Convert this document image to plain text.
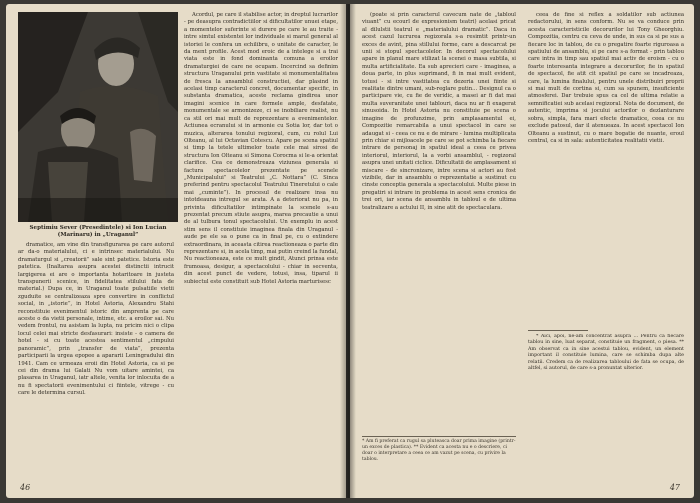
Septimiu Sever (Presedintele) si Ion Lucian (Marinaru) in „Uraganul”

dramatice, am vine din transfigurarea pe care autorul ar da-o materialului, ci e intrinsec materialului. Nu dramaturgul si „creatorii” sale sint patetice. Istoria este patetica. (Inaltarea asupra acestei distinctii intrucit largigerea ei are o importanta hotaritoare in justeta transpunerii scenice, in fidelitatea stilului fata de material.) Dupa ce, in Uraganul toate pulsatiile vietii zguduite se centralizeaza spre convertire in conflictul social, in „istorie”, in Hotel Astoria, Alexandru Stahi reconstituie evenimentul istoric din amprenta pe care aceste o da vietii personale, intime, etc. a eroilor sai. Nu vedem frontul, nu asistam la lupta, nu pricim nici o clipa locul celei mai stricte desfasurari: insiste - o camera de hotel - si cu toate acestea sentimentul „cimpului panoramic”, prin „transfer de viata”, prezenta participarii la urgea epopee a apararii Leningradului din 1941. Cam ce urmeaza eroii din Hotel Astoria, ca si pe cei din drama lui Galati Nu vom uitare amintei, ca plasarea in Uraganul, iatr altele, venita lor inlocuita de a nu fi spectatorii evenimentului ci fiintele, vitrege - cu care le determina cursul.

Acordul, pe care il stabilise actor, in dreptul lucrarilor - pe deasupra contradictiilor si dificultatilor unuei etape, a momentelor suferinte si durere pe care le au traite - intre simtul existentei lor individuale si marul general al istoriei le confera un echilibru, o unitate de caracter, le da ment profile. Acest mod eroic de a intelege si a trai viata este in fond dominanta comuna a eroilor dramaturgiei de care ne ocupam. Incercind sa definim structura Uraganului prin vastitate si monumentalitatea de fresca la ansamblul constructiei, dar plasind in acelasi timp caracterul concret, documentar specific, in substanta dramatica, aceste reclama gindirea unor imagini scenice in care formele ample, desfatate, monumentale se armonizeze, ci se inobiliare realist, nu ca stil ori mai mult de reprezentare a evenimentelor. Actiunea ecranului si in armonie cu Sotia lor, dar tot o muzica, alterarea tonului regizoral, cum, cu rolul Lui Olteanu, al lui Octavian Cotescu. Apare pe scena spatiul si timp la tetele ultimelor toate cele mai sirosi de structura Ion Olteanu si Simona Corocma si le-a orientat clarifice. Cea ce demonstreaza viziunea generala si factura spectacolelor prezentate pe scenele „Municipalului” si Teatrului „C. Nottara” (C. Sinca preferind pentru spectacolul Teatrului Tineretului o cale mai „cuminte”). In procesul de realizare insa nu intotdeauna intregul se arata. A a deteriorat nu pa, in privinta dificultatilor intimpinate la scenele s-au prezentat precum stiute asupra, marea precautie a unui de al tulbura tonul spectacolului. Un exemplu in acest stim sens il constituie imaginea finala din Uraganul - aude pe ele sa o pune ca in final pe, cu o extindere extraordinara, in aceasta citirea reactioneaza o parte din reprezentare si, in acela timp, mai putin creind la fundal, Nu reactioneaza, este ce mult gindit, Atunci prinsa este frumoasa, desigur, a spectacolului - chiar in secventa, din acest punct de vedere, totusi, insa, tiparul ii subiectul este constituit sub Hotel Astoria marturisesc

46

(poate si prin caracterul cavecum nate de „tabloul viuant” cu ecourl de expresionism teatri) acelasi pricat al dilulstii teatrul e „materialului dramatic”. Daca in acest cazul lucrurea regizorala s-a resimtit printr-un exces de avint, pina stillului forme, care a descarcat pe unii si stopul spectacolelor. In decorul spectacolului apare in planul mare stilizat la scenei o masa subtila, si multa artificialitate. Ea sub aprecieri care - imaginea, a doua parte, in plus suprimand, fi in mai mult evident, totusi - si intre vastitatea cu dezeria unei fiinte si realitate dintre umani, sub-reglare putin... Designul ca o participare vie, cu fie de veridic, a masei ar fi dat mai multa suveranitate unei tablouri, daca nu ar fi exagerat sinusoida. In Hotel Astoria nu constituie pe scena o imagine de profunzime, prin amplasamentul ei, Compozitie remarcabila a unui spectacol in care se adaugat si - ceea ce nu e de mirare - lumina multiplicata prin chiar si mijloacele pe care se pot schimba la fiecare intrare de personaj in spatiul ideal a ceea ce privea interiorul, interiorul, la a vorbi ansamblul, - regizoral asupra unei unitati ciclice. Dificultatii de amplasament si miscare - de sincronizare, intre scena si actori au fost vizibile, dar in ansamblu o reprezentatie a sustinut cu cinste conceptia generala a spectacolului. Multe piese in pregatiri si intrare in problema in acest sens cronica de trei ori, iar scena de ansamblu in tabloul e de ultima teatralizare a actului II, in sine atit de spectaculara.

* Am fi preferat ca rugul sa pluteasca doar prima imagine (printr-un exces de plastica). ** Evident ca acesta nu e o descriere, ci doar o interpretare a ceea ce am vazut pe scena, cu privire la tablou.

ceea de fine si reflex a soldatilor sub actiunea redactorului, in sens conform. Nu se va conduce prin acesta caracteristicile decorurilor lui Tony Gheorghiu. Compozitia, centru cu ceva de unde, in sus ca si pe sus a fiecare loc in tablou, de cu o pregatire foarte riguroasa a spatiului de ansamblu, si pe care s-a format - prin tablou care intra in timp sau spatiul mai activ de eroism - cu o foarte interesanta integrare a decorurilor, fie in spatiul de spectacol, fie atit cit spatiul pe care se incadreaza, care, la lumina finalului, pentru unele distribuiri proprii si mai mult de cortina si, cum sa spunem, insuficiente atmosferei. Dar trebuie spus ca cel de ultima relatie a semnificatiei sub acelasi regizoral. Nota de document, de autentic, imprima si jocului actorilor o dezlanturare sobra, simpla, fara mari efecte dramatice, ceea ce nu exclude patosul, dar il atenueaza. In acest spectacol Ion Olteanu a sustinut, cu o mare bogatie de nuante, eroul central, ca si in sala: autenticitatea realitatii vietii.

* Aici, apoi, ne-am concentrat asupra ... Pentru ca fiecare tablou in sine, luat separat, constituie un fragment, o piesa. ** Am observat ca in sine acestui tablou, evident, un element important il constituie lumina, care se schimba dupa alte relatii. Credem ca de realizarea tabloului de fata se ocupa, de altfel, si autorul, de care s-a pronuntat ulterior.

47
